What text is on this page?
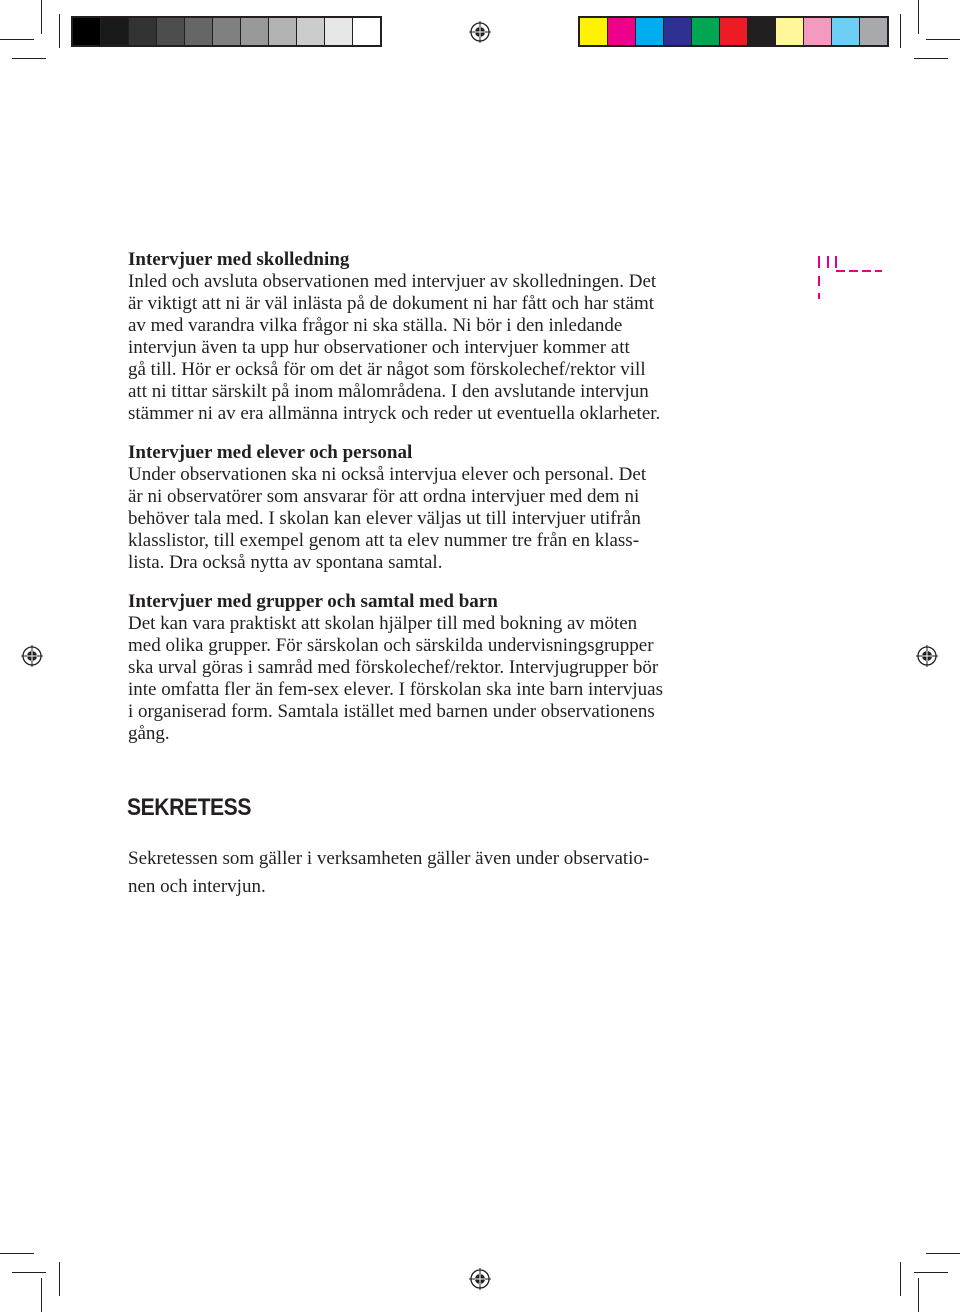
Intervjuer med skolledning
Inled och avsluta observationen med intervjuer av skolledningen. Det
är viktigt att ni är väl inlästa på de dokument ni har fått och har stämt
av med varandra vilka frågor ni ska ställa. Ni bör i den inledande
intervjun även ta upp hur observationer och intervjuer kommer att
gå till. Hör er också för om det är något som förskolechef/rektor vill
att ni tittar särskilt på inom målområdena. I den avslutande intervjun
stämmer ni av era allmänna intryck och reder ut eventuella oklarheter.
Intervjuer med elever och personal
Under observationen ska ni också intervjua elever och personal. Det
är ni observatörer som ansvarar för att ordna intervjuer med dem ni
behöver tala med. I skolan kan elever väljas ut till intervjuer utifrån
klasslistor, till exempel genom att ta elev nummer tre från en klass-
lista. Dra också nytta av spontana samtal.
Intervjuer med grupper och samtal med barn
Det kan vara praktiskt att skolan hjälper till med bokning av möten
med olika grupper. För särskolan och särskilda undervisningsgrupper
ska urval göras i samråd med förskolechef/rektor. Intervjugrupper bör
inte omfatta fler än fem-sex elever. I förskolan ska inte barn intervjuas
i organiserad form. Samtala istället med barnen under observationens
gång.
SEKRETESS
Sekretessen som gäller i verksamheten gäller även under observatio-
nen och intervjun.
